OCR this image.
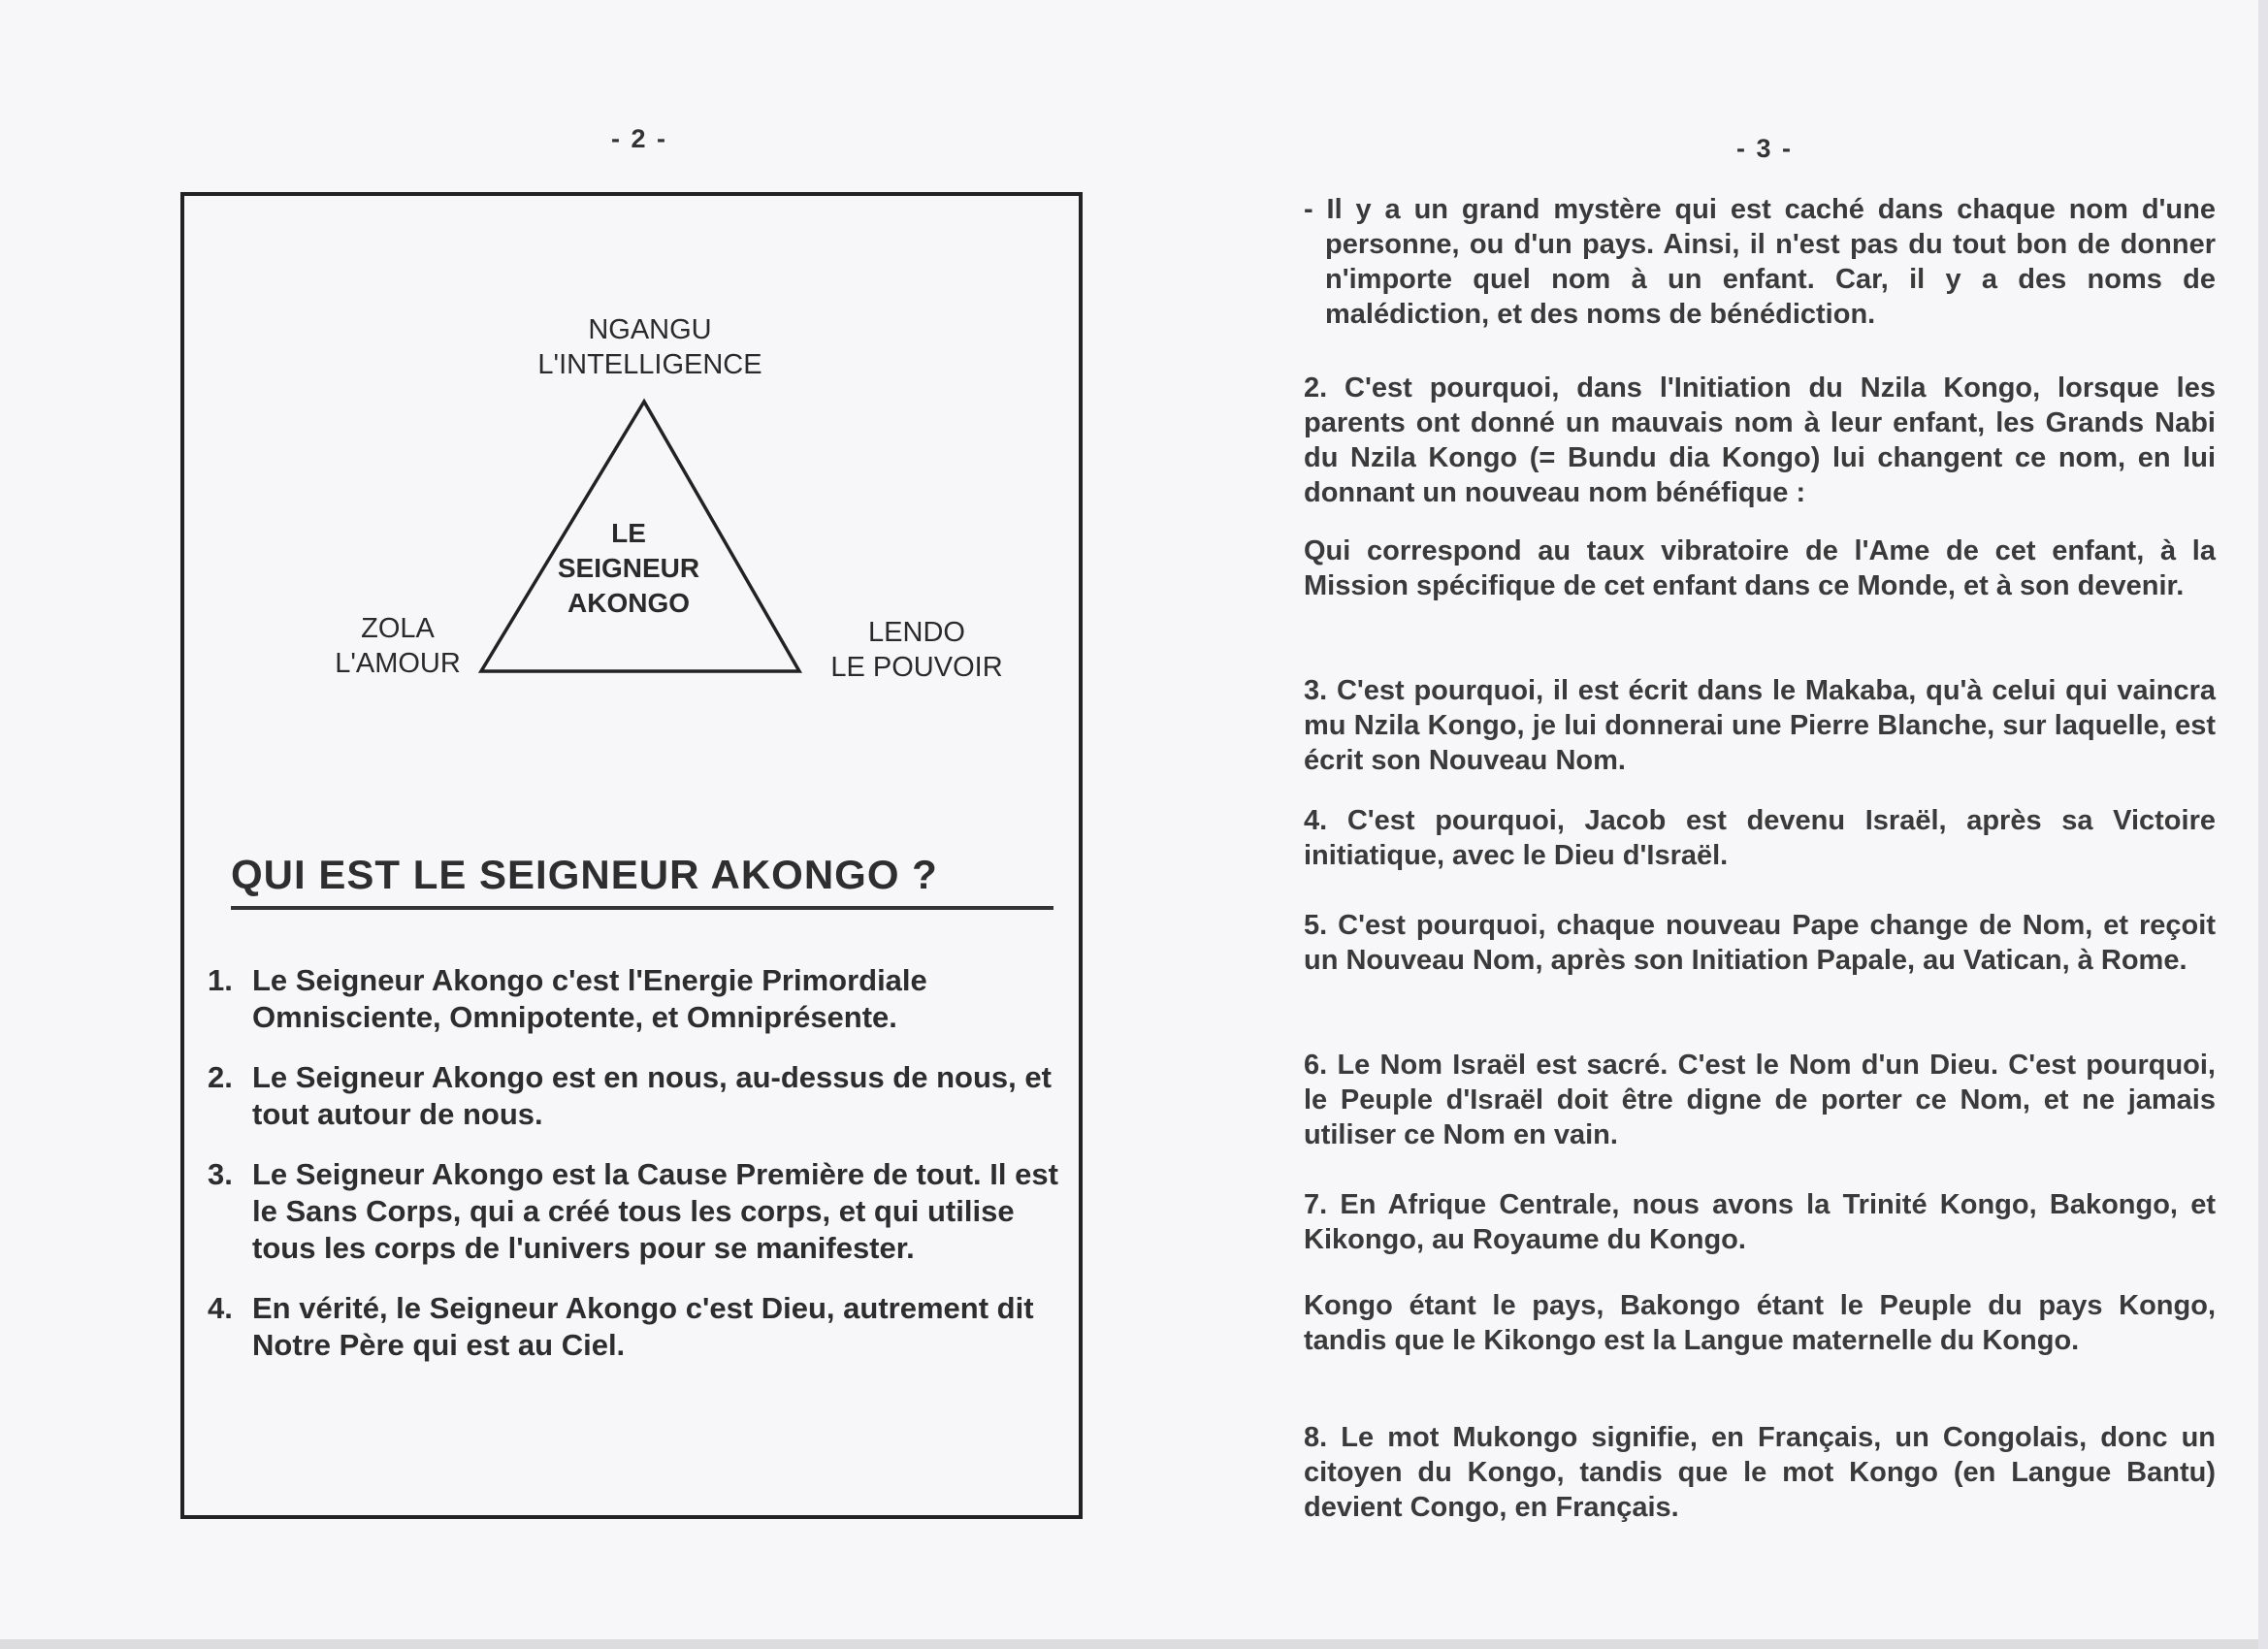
- 2 -	- 3 -
NGANGU
L'INTELLIGENCE
LE
SEIGNEUR
AKONGO
ZOLA
L'AMOUR
LENDO
LE POUVOIR
QUI EST LE SEIGNEUR AKONGO ?
1. Le Seigneur Akongo c'est l'Energie Primordiale Omnisciente, Omnipotente, et Omniprésente.
2. Le Seigneur Akongo est en nous, au-dessus de nous, et tout autour de nous.
3. Le Seigneur Akongo est la Cause Première de tout. Il est le Sans Corps, qui a créé tous les corps, et qui utilise tous les corps de l'univers pour se manifester.
4. En vérité, le Seigneur Akongo c'est Dieu, autrement dit Notre Père qui est au Ciel.

- Il y a un grand mystère qui est caché dans chaque nom d'une personne, ou d'un pays. Ainsi, il n'est pas du tout bon de donner n'importe quel nom à un enfant. Car, il y a des noms de malédiction, et des noms de bénédiction.

2. C'est pourquoi, dans l'Initiation du Nzila Kongo, lorsque les parents ont donné un mauvais nom à leur enfant, les Grands Nabi du Nzila Kongo (= Bundu dia Kongo) lui changent ce nom, en lui donnant un nouveau nom bénéfique :

Qui correspond au taux vibratoire de l'Ame de cet enfant, à la Mission spécifique de cet enfant dans ce Monde, et à son devenir.

3. C'est pourquoi, il est écrit dans le Makaba, qu'à celui qui vaincra mu Nzila Kongo, je lui donnerai une Pierre Blanche, sur laquelle, est écrit son Nouveau Nom.

4. C'est pourquoi, Jacob est devenu Israël, après sa Victoire initiatique, avec le Dieu d'Israël.

5. C'est pourquoi, chaque nouveau Pape change de Nom, et reçoit un Nouveau Nom, après son Initiation Papale, au Vatican, à Rome.

6. Le Nom Israël est sacré. C'est le Nom d'un Dieu. C'est pourquoi, le Peuple d'Israël doit être digne de porter ce Nom, et ne jamais utiliser ce Nom en vain.

7. En Afrique Centrale, nous avons la Trinité Kongo, Bakongo, et Kikongo, au Royaume du Kongo.

Kongo étant le pays, Bakongo étant le Peuple du pays Kongo, tandis que le Kikongo est la Langue maternelle du Kongo.

8. Le mot Mukongo signifie, en Français, un Congolais, donc un citoyen du Kongo, tandis que le mot Kongo (en Langue Bantu) devient Congo, en Français.
